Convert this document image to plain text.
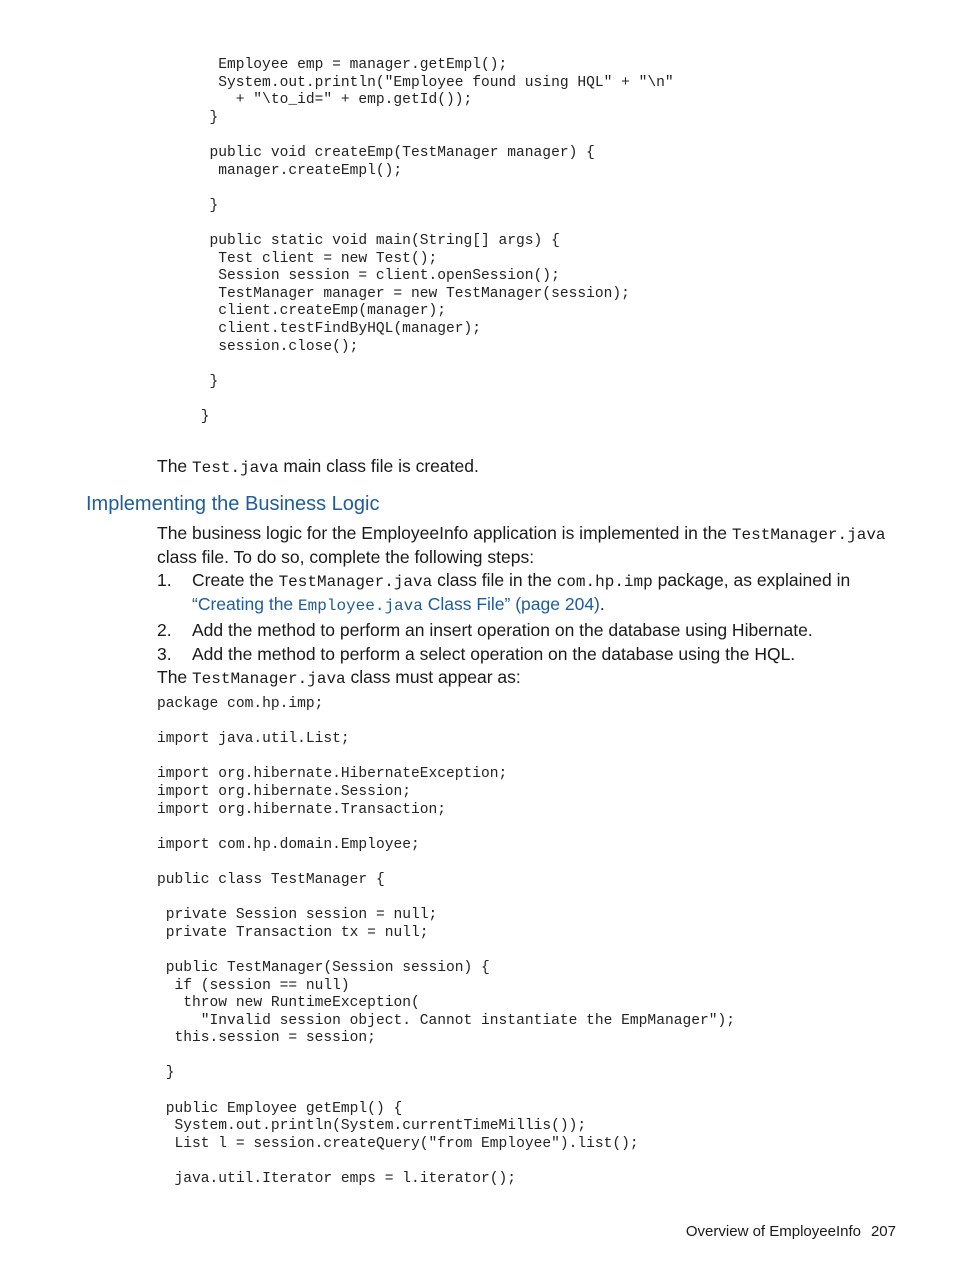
Employee emp = manager.getEmpl();
System.out.println("Employee found using HQL" + "\n"
+ "\to_id=" + emp.getId());
}
public void createEmp(TestManager manager) {
manager.createEmpl();
}
public static void main(String[] args) {
Test client = new Test();
Session session = client.openSession();
TestManager manager = new TestManager(session);
client.createEmp(manager);
client.testFindByHQL(manager);
session.close();
}
}
The Test.java main class file is created.
Implementing the Business Logic
The business logic for the EmployeeInfo application is implemented in the TestManager.java class file. To do so, complete the following steps:
1. Create the TestManager.java class file in the com.hp.imp package, as explained in “Creating the Employee.java Class File” (page 204).
2. Add the method to perform an insert operation on the database using Hibernate.
3. Add the method to perform a select operation on the database using the HQL.
The TestManager.java class must appear as:
package com.hp.imp;
import java.util.List;
import org.hibernate.HibernateException;
import org.hibernate.Session;
import org.hibernate.Transaction;
import com.hp.domain.Employee;
public class TestManager {
private Session session = null;
private Transaction tx = null;
public TestManager(Session session) {
if (session == null)
throw new RuntimeException(
"Invalid session object. Cannot instantiate the EmpManager");
this.session = session;
}
public Employee getEmpl() {
System.out.println(System.currentTimeMillis());
List l = session.createQuery("from Employee").list();
java.util.Iterator emps = l.iterator();
Overview of EmployeeInfo 207
